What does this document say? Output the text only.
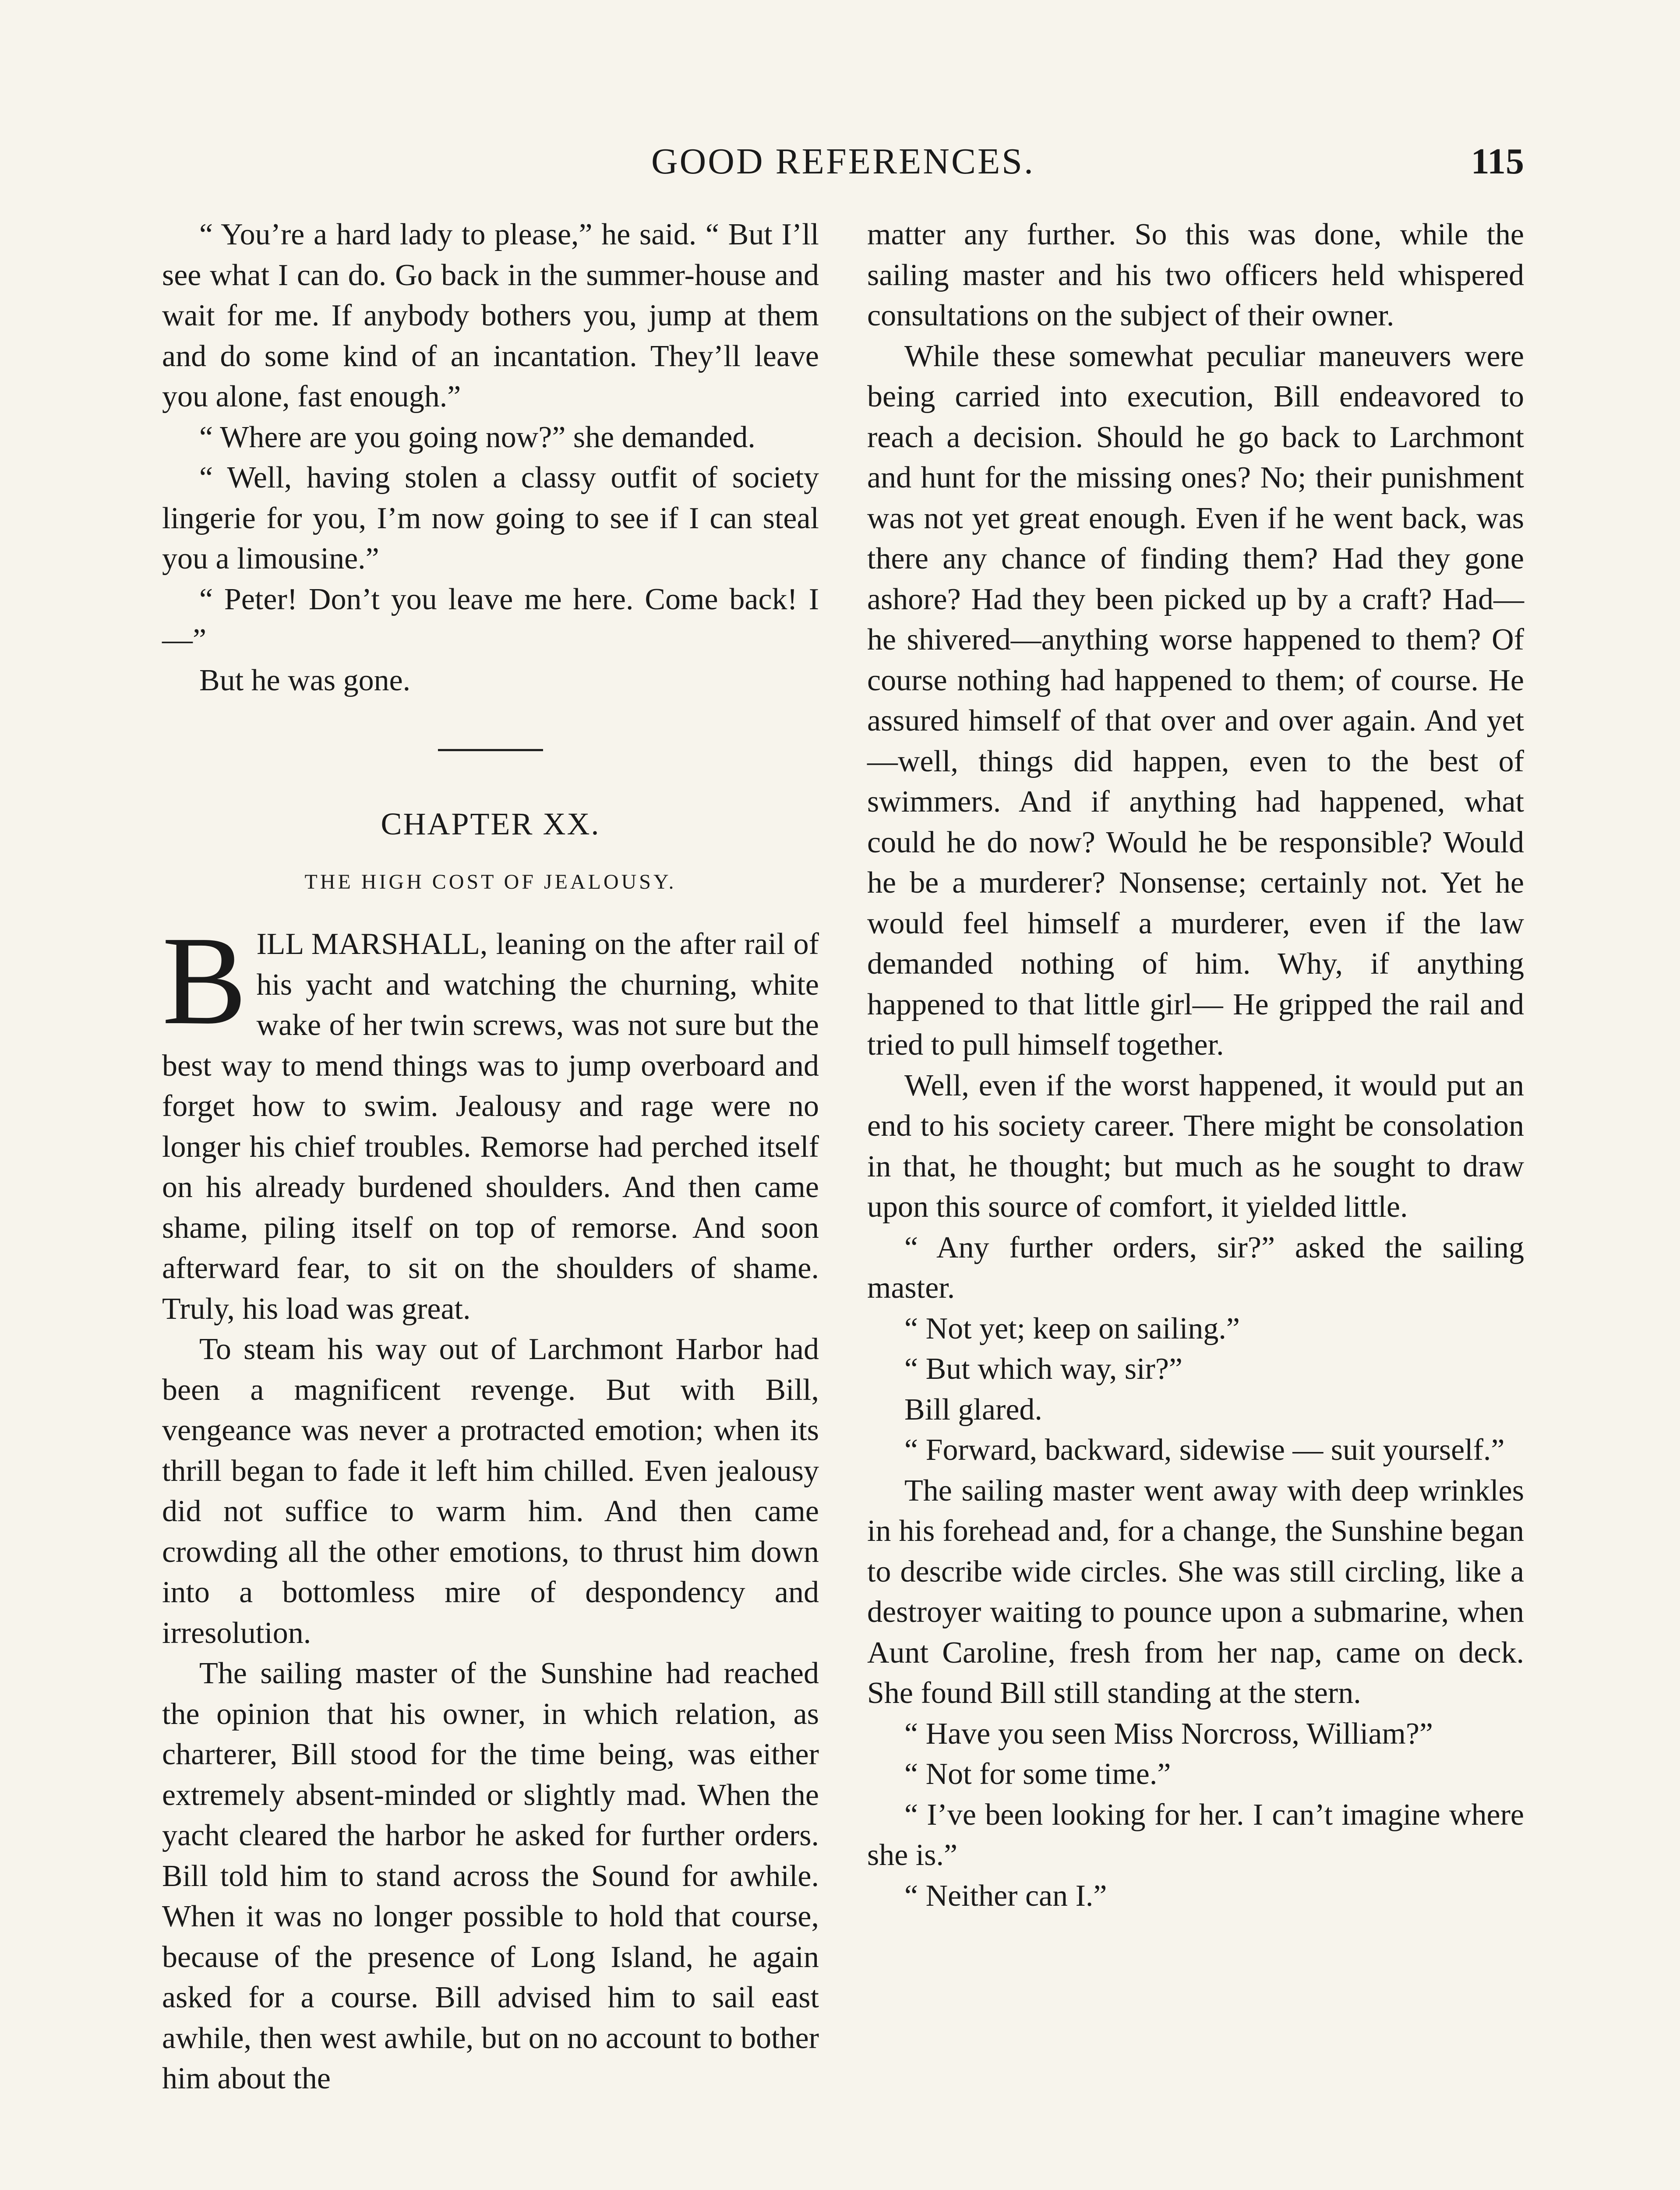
GOOD REFERENCES.	115

“ You’re a hard lady to please,” he said. “ But I’ll see what I can do. Go back in the summer-house and wait for me. If anybody bothers you, jump at them and do some kind of an incantation. They’ll leave you alone, fast enough.”

“ Where are you going now?” she demanded.

“ Well, having stolen a classy outfit of society lingerie for you, I’m now going to see if I can steal you a limousine.”

“ Peter! Don’t you leave me here. Come back! I—”

But he was gone.

CHAPTER XX.
THE HIGH COST OF JEALOUSY.

BILL MARSHALL, leaning on the after rail of his yacht and watching the churning, white wake of her twin screws, was not sure but the best way to mend things was to jump overboard and forget how to swim. Jealousy and rage were no longer his chief troubles. Remorse had perched itself on his already burdened shoulders. And then came shame, piling itself on top of remorse. And soon afterward fear, to sit on the shoulders of shame. Truly, his load was great.

To steam his way out of Larchmont Harbor had been a magnificent revenge. But with Bill, vengeance was never a protracted emotion; when its thrill began to fade it left him chilled. Even jealousy did not suffice to warm him. And then came crowding all the other emotions, to thrust him down into a bottomless mire of despondency and irresolution.

The sailing master of the Sunshine had reached the opinion that his owner, in which relation, as charterer, Bill stood for the time being, was either extremely absent-minded or slightly mad. When the yacht cleared the harbor he asked for further orders. Bill told him to stand across the Sound for awhile. When it was no longer possible to hold that course, because of the presence of Long Island, he again asked for a course. Bill advised him to sail east awhile, then west awhile, but on no account to bother him about the

matter any further. So this was done, while the sailing master and his two officers held whispered consultations on the subject of their owner.

While these somewhat peculiar maneuvers were being carried into execution, Bill endeavored to reach a decision. Should he go back to Larchmont and hunt for the missing ones? No; their punishment was not yet great enough. Even if he went back, was there any chance of finding them? Had they gone ashore? Had they been picked up by a craft? Had—he shivered—anything worse happened to them? Of course nothing had happened to them; of course. He assured himself of that over and over again. And yet—well, things did happen, even to the best of swimmers. And if anything had happened, what could he do now? Would he be responsible? Would he be a murderer? Nonsense; certainly not. Yet he would feel himself a murderer, even if the law demanded nothing of him. Why, if anything happened to that little girl— He gripped the rail and tried to pull himself together.

Well, even if the worst happened, it would put an end to his society career. There might be consolation in that, he thought; but much as he sought to draw upon this source of comfort, it yielded little.

“ Any further orders, sir?” asked the sailing master.

“ Not yet; keep on sailing.”

“ But which way, sir?”

Bill glared.

“ Forward, backward, sidewise — suit yourself.”

The sailing master went away with deep wrinkles in his forehead and, for a change, the Sunshine began to describe wide circles. She was still circling, like a destroyer waiting to pounce upon a submarine, when Aunt Caroline, fresh from her nap, came on deck. She found Bill still standing at the stern.

“ Have you seen Miss Norcross, William?”

“ Not for some time.”

“ I’ve been looking for her. I can’t imagine where she is.”

“ Neither can I.”
